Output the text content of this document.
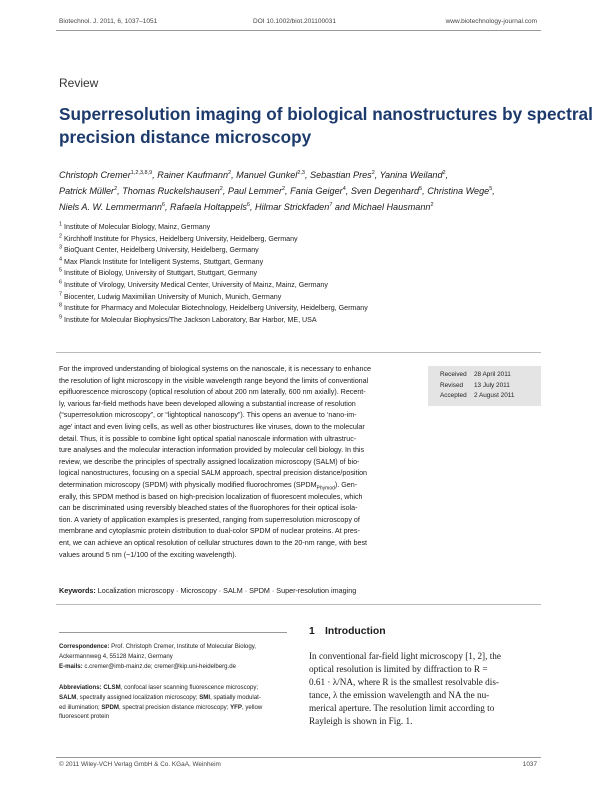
Biotechnol. J. 2011, 6, 1037–1051	DOI 10.1002/biot.201100031	www.biotechnology-journal.com
Review
Superresolution imaging of biological nanostructures by spectral
precision distance microscopy
Christoph Cremer$^{1,2,3,8,9}$, Rainer Kaufmann$^2$, Manuel Gunkel$^{2,3}$, Sebastian Pres$^2$, Yanina Weiland$^2$,
Patrick Müller$^2$, Thomas Ruckelshausen$^2$, Paul Lemmer$^2$, Fania Geiger$^4$, Sven Degenhard$^5$, Christina Wege$^5$,
Niels A. W. Lemmermann$^6$, Rafaela Holtappels$^6$, Hilmar Strickfaden$^7$ and Michael Hausmann$^2$
$^1$ Institute of Molecular Biology, Mainz, Germany
$^2$ Kirchhoff Institute for Physics, Heidelberg University, Heidelberg, Germany
$^3$ BioQuant Center, Heidelberg University, Heidelberg, Germany
$^4$ Max Planck Institute for Intelligent Systems, Stuttgart, Germany
$^5$ Institute of Biology, University of Stuttgart, Stuttgart, Germany
$^6$ Institute of Virology, University Medical Center, University of Mainz, Mainz, Germany
$^7$ Biocenter, Ludwig Maximilian University of Munich, Munich, Germany
$^8$ Institute for Pharmacy and Molecular Biotechnology, Heidelberg University, Heidelberg, Germany
$^9$ Institute for Molecular Biophysics/The Jackson Laboratory, Bar Harbor, ME, USA
For the improved understanding of biological systems on the nanoscale, it is necessary to enhance
the resolution of light microscopy in the visible wavelength range beyond the limits of conventional
epifluorescence microscopy (optical resolution of about 200 nm laterally, 600 nm axially). Recent-
ly, various far-field methods have been developed allowing a substantial increase of resolution
(“superresolution microscopy”, or “lightoptical nanoscopy”). This opens an avenue to ‘nano-im-
age’ intact and even living cells, as well as other biostructures like viruses, down to the molecular
detail. Thus, it is possible to combine light optical spatial nanoscale information with ultrastruc-
ture analyses and the molecular interaction information provided by molecular cell biology. In this
review, we describe the principles of spectrally assigned localization microscopy (SALM) of bio-
logical nanostructures, focusing on a special SALM approach, spectral precision distance/position
determination microscopy (SPDM) with physically modified fluorochromes $(SPDM_{Phymod})$. Gen-
erally, this SPDM method is based on high-precision localization of fluorescent molecules, which
can be discriminated using reversibly bleached states of the fluorophores for their optical isola-
tion. A variety of application examples is presented, ranging from superresolution microscopy of
membrane and cytoplasmic protein distribution to dual-color SPDM of nuclear proteins. At pres-
ent, we can achieve an optical resolution of cellular structures down to the 20-nm range, with best
values around 5 nm (~1/100 of the exciting wavelength).
Received	28 April 2011
Revised	13 July 2011
Accepted	2 August 2011
Keywords: Localization microscopy · Microscopy · SALM · SPDM · Super-resolution imaging
Correspondence: Prof. Christoph Cremer, Institute of Molecular Biology,
Ackermannweg 4, 55128 Mainz, Germany
E-mails: c.cremer@imb-mainz.de; cremer@kip.uni-heidelberg.de
Abbreviations: CLSM, confocal laser scanning fluorescence microscopy;
SALM, spectrally assigned localization microscopy; SMI, spatially modulat-
ed illumination; SPDM, spectral precision distance microscopy; YFP, yellow
fluorescent protein
1 Introduction
In conventional far-field light microscopy [1, 2], the
optical resolution is limited by diffraction to R =
0.61 · λ/NA, where R is the smallest resolvable dis-
tance, λ the emission wavelength and NA the nu-
merical aperture. The resolution limit according to
Rayleigh is shown in Fig. 1.
© 2011 Wiley-VCH Verlag GmbH & Co. KGaA, Weinheim	1037
